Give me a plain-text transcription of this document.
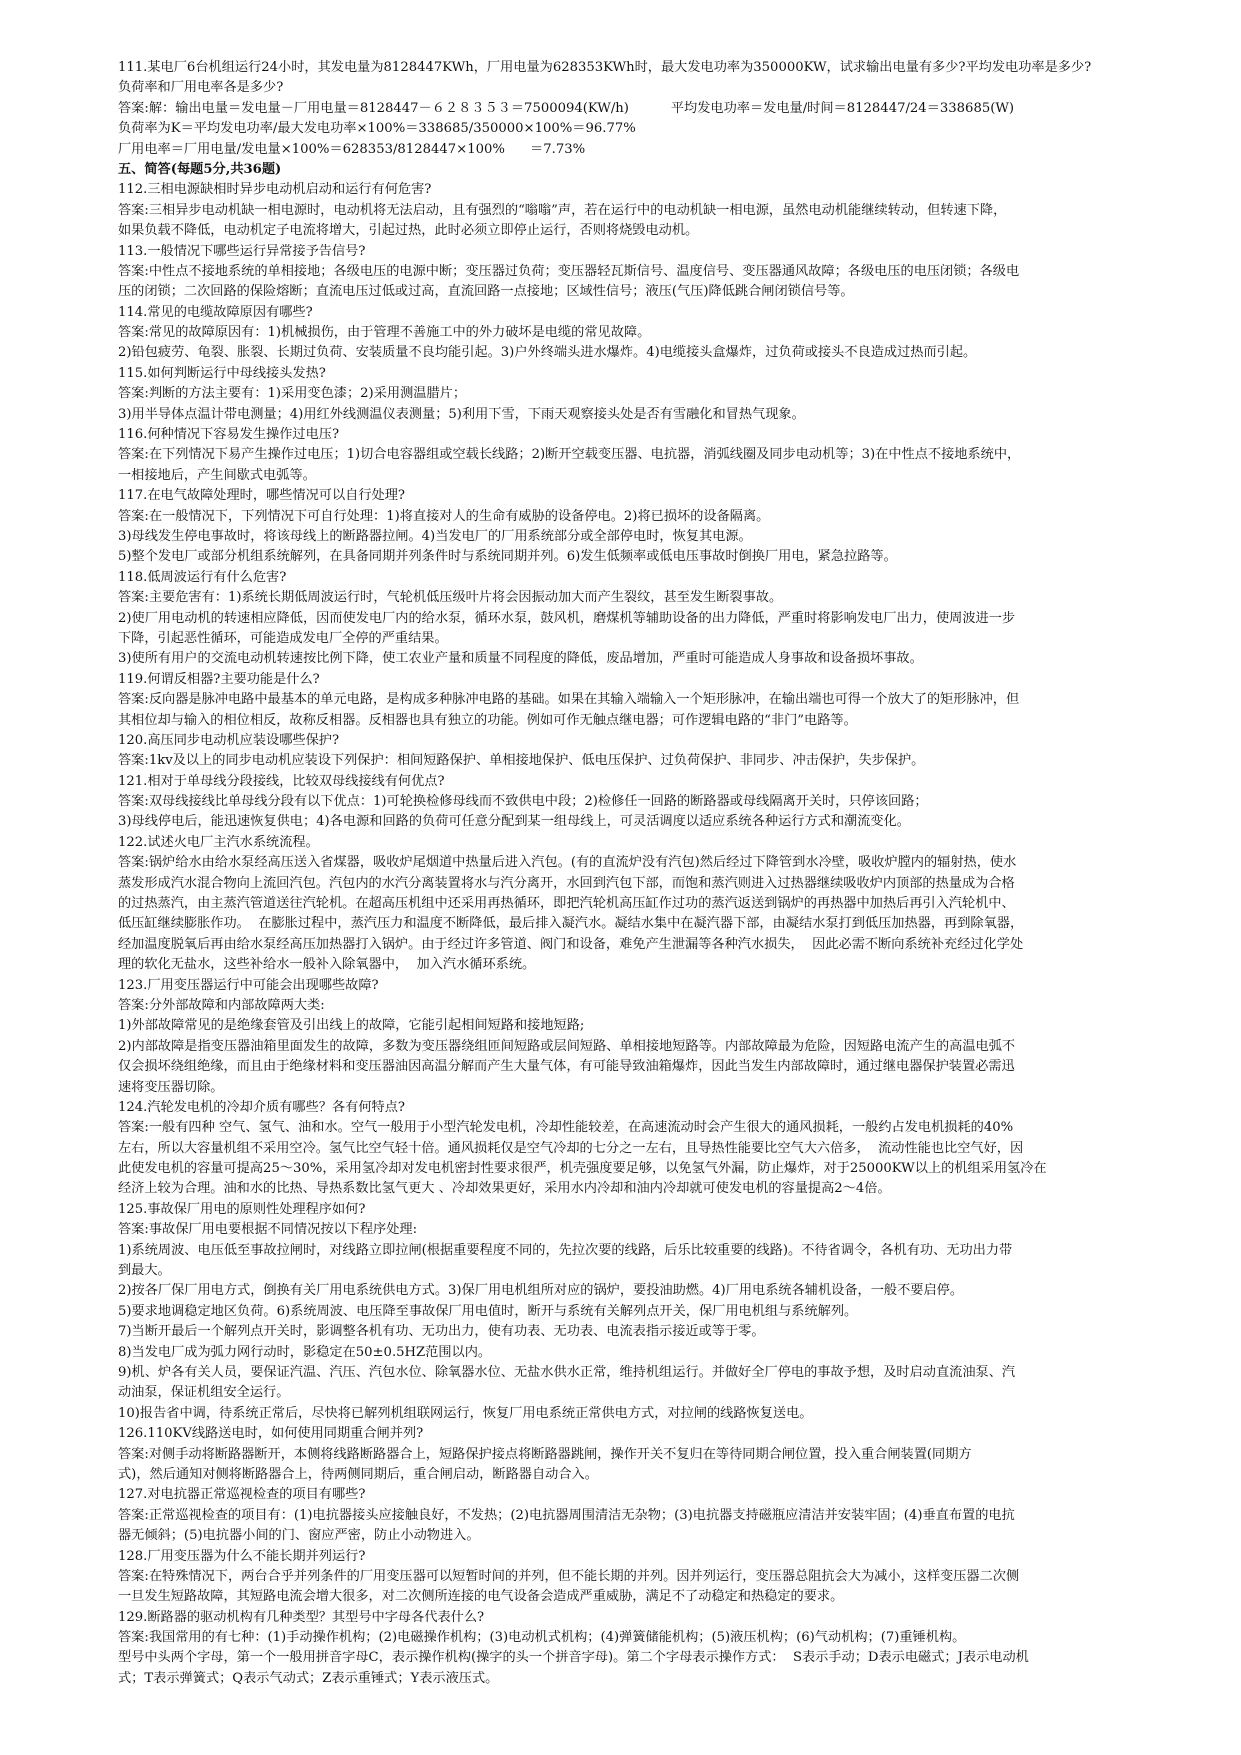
111.某电厂6台机组运行24小时，其发电量为8128447KWh，厂用电量为628353KWh时，最大发电功率为350000KW，试求输出电量有多少?平均发电功率是多少?
负荷率和厂用电率各是多少?
答案:解：输出电量＝发电量－厂用电量＝8128447－６２８３５３＝7500094(KW/h)          平均发电功率＝发电量/时间＝8128447/24＝338685(W)
负荷率为K＝平均发电功率/最大发电功率×100%＝338685/350000×100%＝96.77%
厂用电率＝厂用电量/发电量×100%＝628353/8128447×100%      ＝7.73%
五、简答(每题5分,共36题)
112.三相电源缺相时异步电动机启动和运行有何危害?
答案:三相异步电动机缺一相电源时，电动机将无法启动，且有强烈的“嗡嗡”声，若在运行中的电动机缺一相电源，虽然电动机能继续转动，但转速下降，
如果负载不降低，电动机定子电流将增大，引起过热，此时必须立即停止运行，否则将烧毁电动机。
113.一般情况下哪些运行异常接予告信号?
答案:中性点不接地系统的单相接地；各级电压的电源中断；变压器过负荷；变压器轻瓦斯信号、温度信号、变压器通风故障；各级电压的电压闭锁；各级电
压的闭锁；二次回路的保险熔断；直流电压过低或过高，直流回路一点接地；区域性信号；液压(气压)降低跳合闸闭锁信号等。
114.常见的电缆故障原因有哪些?
答案:常见的故障原因有：1)机械损伤，由于管理不善施工中的外力破坏是电缆的常见故障。
2)铅包疲劳、龟裂、胀裂、长期过负荷、安装质量不良均能引起。3)户外终端头进水爆炸。4)电缆接头盒爆炸，过负荷或接头不良造成过热而引起。
115.如何判断运行中母线接头发热?
答案:判断的方法主要有：1)采用变色漆；2)采用测温腊片；
3)用半导体点温计带电测量；4)用红外线测温仪表测量；5)利用下雪，下雨天观察接头处是否有雪融化和冒热气现象。
116.何种情况下容易发生操作过电压?
答案:在下列情况下易产生操作过电压；1)切合电容器组或空载长线路；2)断开空载变压器、电抗器，消弧线圈及同步电动机等；3)在中性点不接地系统中，
一相接地后，产生间歇式电弧等。
117.在电气故障处理时，哪些情况可以自行处理?
答案:在一般情况下，下列情况下可自行处理：1)将直接对人的生命有威胁的设备停电。2)将已损坏的设备隔离。
3)母线发生停电事故时，将该母线上的断路器拉闸。4)当发电厂的厂用系统部分或全部停电时，恢复其电源。
5)整个发电厂或部分机组系统解列，在具备同期并列条件时与系统同期并列。6)发生低频率或低电压事故时倒换厂用电，紧急拉路等。
118.低周波运行有什么危害?
答案:主要危害有：1)系统长期低周波运行时，气轮机低压级叶片将会因振动加大而产生裂纹，甚至发生断裂事故。
2)使厂用电动机的转速相应降低，因而使发电厂内的给水泵，循环水泵，鼓风机，磨煤机等辅助设备的出力降低，严重时将影响发电厂出力，使周波进一步
下降，引起恶性循环，可能造成发电厂全停的严重结果。
3)使所有用户的交流电动机转速按比例下降，使工农业产量和质量不同程度的降低，废品增加，严重时可能造成人身事故和设备损坏事故。
119.何谓反相器?主要功能是什么?
答案:反向器是脉冲电路中最基本的单元电路，是构成多种脉冲电路的基础。如果在其输入端输入一个矩形脉冲，在输出端也可得一个放大了的矩形脉冲，但
其相位却与输入的相位相反，故称反相器。反相器也具有独立的功能。例如可作无触点继电器；可作逻辑电路的“非门”电路等。
120.高压同步电动机应装设哪些保护?
答案:1kv及以上的同步电动机应装设下列保护：相间短路保护、单相接地保护、低电压保护、过负荷保护、非同步、冲击保护，失步保护。
121.相对于单母线分段接线，比较双母线接线有何优点?
答案:双母线接线比单母线分段有以下优点：1)可轮换检修母线而不致供电中段；2)检修任一回路的断路器或母线隔离开关时，只停该回路；
3)母线停电后，能迅速恢复供电；4)各电源和回路的负荷可任意分配到某一组母线上，可灵活调度以适应系统各种运行方式和潮流变化。
122.试述火电厂主汽水系统流程。
答案:锅炉给水由给水泵经高压送入省煤器，吸收炉尾烟道中热量后进入汽包。(有的直流炉没有汽包)然后经过下降管到水冷壁，吸收炉膛内的辐射热，使水
蒸发形成汽水混合物向上流回汽包。汽包内的水汽分离装置将水与汽分离开，水回到汽包下部，而饱和蒸汽则进入过热器继续吸收炉内顶部的热量成为合格
的过热蒸汽，由主蒸汽管道送往汽轮机。在超高压机组中还采用再热循环，即把汽轮机高压缸作过功的蒸汽返送到锅炉的再热器中加热后再引入汽轮机中、
低压缸继续膨胀作功。  在膨胀过程中，蒸汽压力和温度不断降低，最后排入凝汽水。凝结水集中在凝汽器下部，由凝结水泵打到低压加热器，再到除氧器，
经加温度脱氧后再由给水泵经高压加热器打入锅炉。由于经过许多管道、阀门和设备，难免产生泄漏等各种汽水损失，  因此必需不断向系统补充经过化学处
理的软化无盐水，这些补给水一般补入除氧器中，  加入汽水循环系统。
123.厂用变压器运行中可能会出现哪些故障?
答案:分外部故障和内部故障两大类:
1)外部故障常见的是绝缘套管及引出线上的故障，它能引起相间短路和接地短路;
2)内部故障是指变压器油箱里面发生的故障，多数为变压器绕组匝间短路或层间短路、单相接地短路等。内部故障最为危险，因短路电流产生的高温电弧不
仅会损坏绕组绝缘，而且由于绝缘材料和变压器油因高温分解而产生大量气体，有可能导致油箱爆炸，因此当发生内部故障时，通过继电器保护装置必需迅
速将变压器切除。
124.汽轮发电机的冷却介质有哪些？各有何特点?
答案:一般有四种 空气、氢气、油和水。空气一般用于小型汽轮发电机，冷却性能较差，在高速流动时会产生很大的通风损耗，一般约占发电机损耗的40%
左右，所以大容量机组不采用空冷。氢气比空气轻十倍。通风损耗仅是空气冷却的七分之一左右，且导热性能要比空气大六倍多，  流动性能也比空气好，因
此使发电机的容量可提高25～30%，采用氢冷却对发电机密封性要求很严，机壳强度要足够，以免氢气外漏，防止爆炸，对于25000KW以上的机组采用氢冷在
经济上较为合理。油和水的比热、导热系数比氢气更大 、冷却效果更好，采用水内冷却和油内冷却就可使发电机的容量提高2～4倍。
125.事故保厂用电的原则性处理程序如何?
答案:事故保厂用电要根据不同情况按以下程序处理:
1)系统周波、电压低至事故拉闸时，对线路立即拉闸(根据重要程度不同的，先拉次要的线路，后乐比较重要的线路)。不待省调令，各机有功、无功出力带
到最大。
2)按各厂保厂用电方式，倒换有关厂用电系统供电方式。3)保厂用电机组所对应的锅炉，要投油助燃。4)厂用电系统各辅机设备，一般不要启停。
5)要求地调稳定地区负荷。6)系统周波、电压降至事故保厂用电值时，断开与系统有关解列点开关，保厂用电机组与系统解列。
7)当断开最后一个解列点开关时，影调整各机有功、无功出力，使有功表、无功表、电流表指示接近或等于零。
8)当发电厂成为弧力网行动时，影稳定在50±0.5HZ范围以内。
9)机、炉各有关人员，要保证汽温、汽压、汽包水位、除氧器水位、无盐水供水正常，维持机组运行。并做好全厂停电的事故予想，及时启动直流油泵、汽
动油泵，保证机组安全运行。
10)报告省中调，待系统正常后，尽快将已解列机组联网运行，恢复厂用电系统正常供电方式，对拉闸的线路恢复送电。
126.110KV线路送电时，如何使用同期重合闸并列?
答案:对侧手动将断路器断开，本侧将线路断路器合上，短路保护接点将断路器跳闸，操作开关不复归在等待同期合闸位置，投入重合闸装置(同期方
式)，然后通知对侧将断路器合上，待两侧同期后，重合闸启动，断路器自动合入。
127.对电抗器正常巡视检查的项目有哪些?
答案:正常巡视检查的项目有：(1)电抗器接头应接触良好，不发热；(2)电抗器周围清洁无杂物；(3)电抗器支持磁瓶应清洁并安装牢固；(4)垂直布置的电抗
器无倾斜；(5)电抗器小间的门、窗应严密，防止小动物进入。
128.厂用变压器为什么不能长期并列运行?
答案:在特殊情况下，两台合乎并列条件的厂用变压器可以短暂时间的并列，但不能长期的并列。因并列运行，变压器总阻抗会大为减小，这样变压器二次侧
一旦发生短路故障，其短路电流会增大很多，对二次侧所连接的电气设备会造成严重威胁，满足不了动稳定和热稳定的要求。
129.断路器的驱动机构有几种类型？其型号中字母各代表什么?
答案:我国常用的有七种：(1)手动操作机构；(2)电磁操作机构；(3)电动机式机构；(4)弹簧储能机构；(5)液压机构；(6)气动机构；(7)重锤机构。
型号中头两个字母，第一个一般用拼音字母C，表示操作机构(操字的头一个拼音字母)。第二个字母表示操作方式：  S表示手动；D表示电磁式；J表示电动机
式；T表示弹簧式；Q表示气动式；Z表示重锤式；Y表示液压式。
